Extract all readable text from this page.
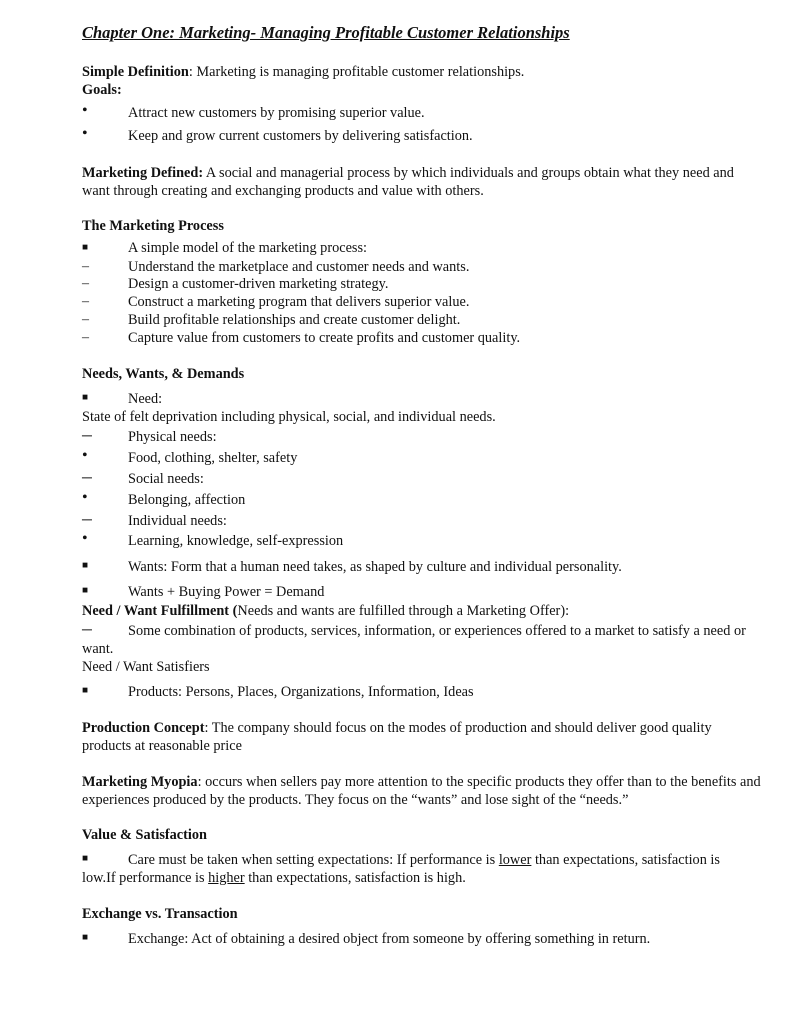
Chapter One: Marketing- Managing Profitable Customer Relationships
Simple Definition: Marketing is managing profitable customer relationships.
Goals:
•	Attract new customers by promising superior value.
•	Keep and grow current customers by delivering satisfaction.
Marketing Defined: A social and managerial process by which individuals and groups obtain what they need and want through creating and exchanging products and value with others.
The Marketing Process
■	A simple model of the marketing process:
–	Understand the marketplace and customer needs and wants.
–	Design a customer-driven marketing strategy.
–	Construct a marketing program that delivers superior value.
–	Build profitable relationships and create customer delight.
–	Capture value from customers to create profits and customer quality.
Needs, Wants, & Demands
■	Need:
State of felt deprivation including physical, social, and individual needs.
─	Physical needs:
•	Food, clothing, shelter, safety
─	Social needs:
•	Belonging, affection
─	Individual needs:
•	Learning, knowledge, self-expression
■	Wants: Form that a human need takes, as shaped by culture and individual personality.
■	Wants + Buying Power = Demand
Need / Want Fulfillment (Needs and wants are fulfilled through a Marketing Offer):
─	Some combination of products, services, information, or experiences offered to a market to satisfy a need or want.
Need / Want Satisfiers
■	Products: Persons, Places, Organizations, Information, Ideas
Production Concept: The company should focus on the modes of production and should deliver good quality products at reasonable price
Marketing Myopia: occurs when sellers pay more attention to the specific products they offer than to the benefits and experiences produced by the products. They focus on the “wants” and lose sight of the “needs.”
Value & Satisfaction
■	Care must be taken when setting expectations: If performance is lower than expectations, satisfaction is low.If performance is higher than expectations, satisfaction is high.
Exchange vs. Transaction
■	Exchange: Act of obtaining a desired object from someone by offering something in return.
